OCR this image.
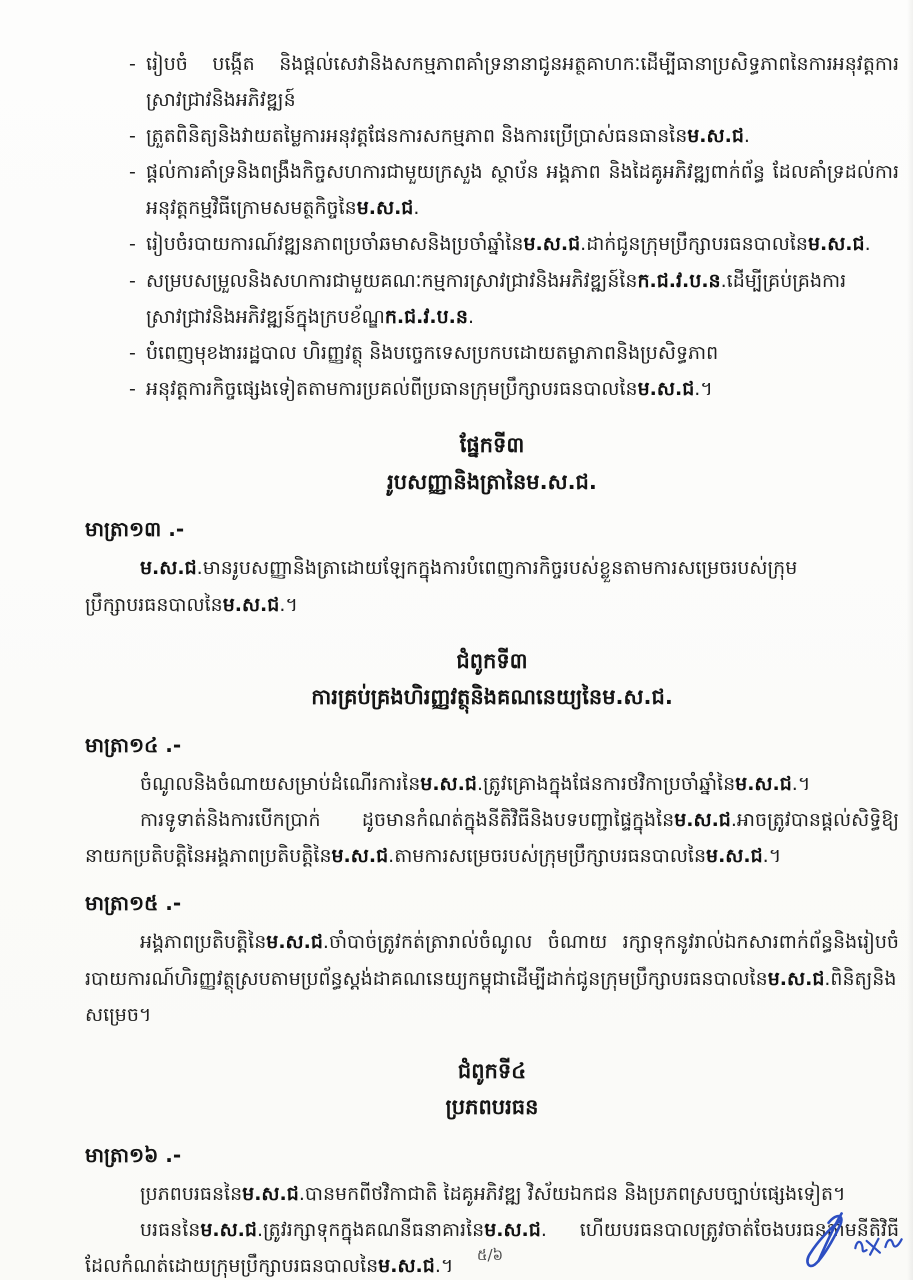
- រៀបចំ បង្កើត និងផ្តល់សេវានិងសកម្មភាពគាំទ្រនានាជូនអត្ថគាហកៈដើម្បីធានាប្រសិទ្ធភាពនៃការអនុវត្តការស្រាវជ្រាវនិងអភិវឌ្ឍន៍
- ត្រួតពិនិត្យនិងវាយតម្លៃការអនុវត្តផែនការសកម្មភាព និងការប្រើប្រាស់ធនធាននៃម.ស.ជ.
- ផ្តល់ការគាំទ្រនិងពង្រឹងកិច្ចសហការជាមួយក្រសួង ស្ថាប័ន អង្គភាព និងដៃគូអភិវឌ្ឍពាក់ព័ន្ធ ដែលគាំទ្រដល់ការអនុវត្តកម្មវិធីក្រោមសមត្ថកិច្ចនៃម.ស.ជ.
- រៀបចំរបាយការណ៍វឌ្ឍនភាពប្រចាំឆមាសនិងប្រចាំឆ្នាំនៃម.ស.ជ.ដាក់ជូនក្រុមប្រឹក្សាបរធនបាលនៃម.ស.ជ.
- សម្របសម្រួលនិងសហការជាមួយគណៈកម្មការស្រាវជ្រាវនិងអភិវឌ្ឍន៍នៃក.ជ.វ.ប.ន.ដើម្បីគ្រប់គ្រងការស្រាវជ្រាវនិងអភិវឌ្ឍន៍ក្នុងក្របខ័ណ្ឌក.ជ.វ.ប.ន.
- បំពេញមុខងាររដ្ឋបាល ហិរញ្ញវត្ថុ និងបច្ចេកទេសប្រកបដោយតម្លាភាពនិងប្រសិទ្ធភាព
- អនុវត្តការកិច្ចផ្សេងទៀតតាមការប្រគល់ពីប្រធានក្រុមប្រឹក្សាបរធនបាលនៃម.ស.ជ.។
ផ្នែកទី៣
រូបសញ្ញានិងត្រានៃម.ស.ជ.
មាត្រា១៣ .-

ម.ស.ជ.មានរូបសញ្ញានិងត្រាដោយឡែកក្នុងការបំពេញការកិច្ចរបស់ខ្លួនតាមការសម្រេចរបស់ក្រុមប្រឹក្សាបរធនបាលនៃម.ស.ជ.។

ជំពូកទី៣
ការគ្រប់គ្រងហិរញ្ញវត្ថុនិងគណនេយ្យនៃម.ស.ជ.
មាត្រា១៤ .-

ចំណូលនិងចំណាយសម្រាប់ដំណើរការនៃម.ស.ជ.ត្រូវគ្រោងក្នុងផែនការថវិកាប្រចាំឆ្នាំនៃម.ស.ជ.។

ការទូទាត់និងការបើកប្រាក់ ដូចមានកំណត់ក្នុងនីតិវិធីនិងបទបញ្ជាផ្ទៃក្នុងនៃម.ស.ជ.អាចត្រូវបានផ្តល់សិទ្ធិឱ្យនាយកប្រតិបត្តិនៃអង្គភាពប្រតិបត្តិនៃម.ស.ជ.តាមការសម្រេចរបស់ក្រុមប្រឹក្សាបរធនបាលនៃម.ស.ជ.។

មាត្រា១៥ .-

អង្គភាពប្រតិបត្តិនៃម.ស.ជ.ចាំបាច់ត្រូវកត់ត្រារាល់ចំណូល ចំណាយ រក្សាទុកនូវរាល់ឯកសារពាក់ព័ន្ធនិងរៀបចំរបាយការណ៍ហិរញ្ញវត្ថុស្របតាមប្រព័ន្ធស្តង់ដាគណនេយ្យកម្ពុជាដើម្បីដាក់ជូនក្រុមប្រឹក្សាបរធនបាលនៃម.ស.ជ.ពិនិត្យនិងសម្រេច។

ជំពូកទី៤
ប្រភពបរធន
មាត្រា១៦ .-

ប្រភពបរធននៃម.ស.ជ.បានមកពីថវិកាជាតិ ដៃគូអភិវឌ្ឍ វិស័យឯកជន និងប្រភពស្របច្បាប់ផ្សេងទៀត។

បរធននៃម.ស.ជ.ត្រូវរក្សាទុកក្នុងគណនីធនាគារនៃម.ស.ជ. ហើយបរធនបាលត្រូវចាត់ចែងបរធនតាមនីតិវិធីដែលកំណត់ដោយក្រុមប្រឹក្សាបរធនបាលនៃម.ស.ជ.។

៥/៦
